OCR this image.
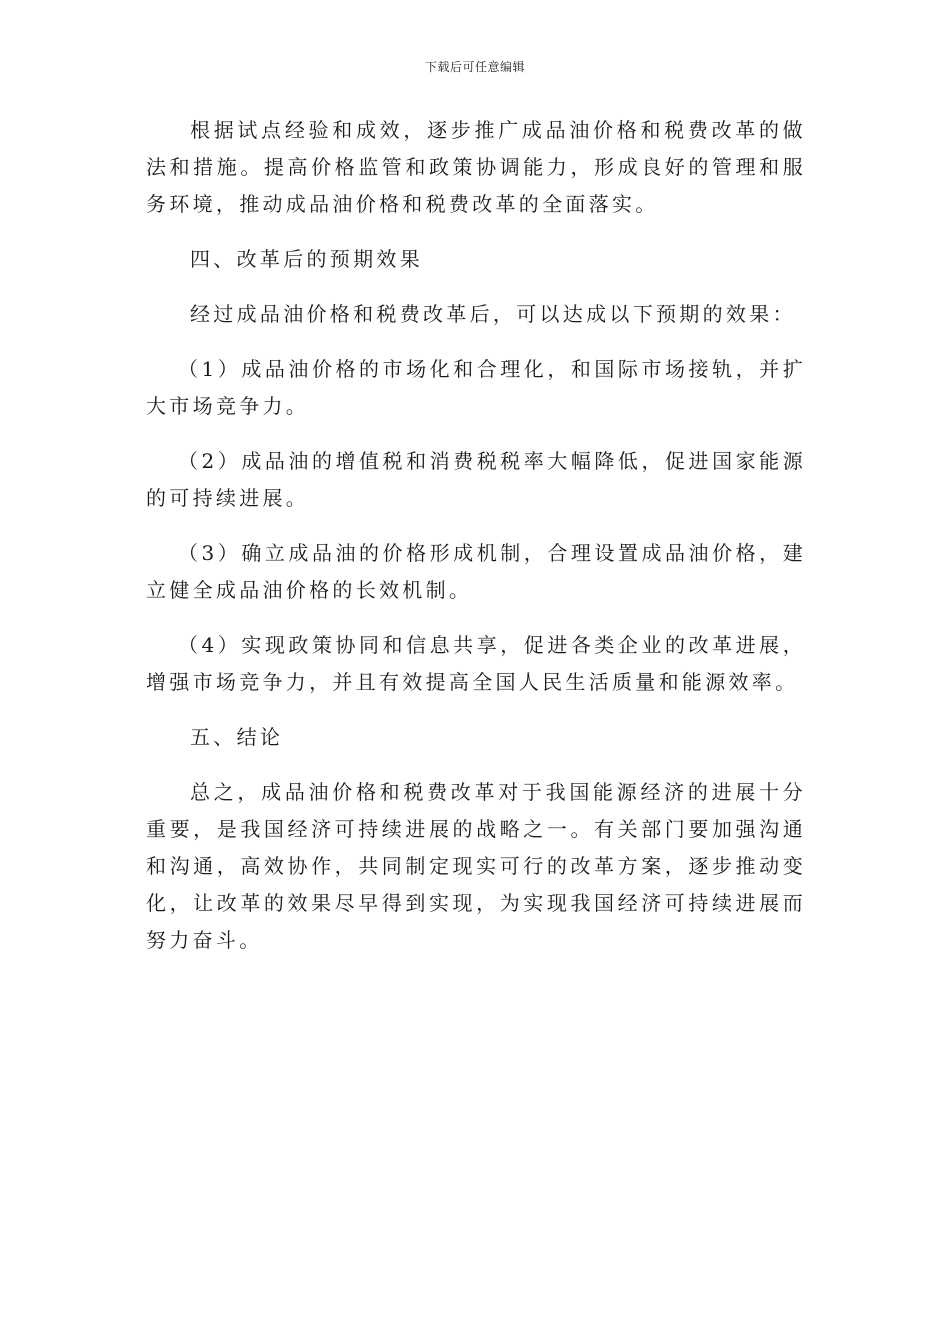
下载后可任意编辑

根据试点经验和成效，逐步推广成品油价格和税费改革的做法和措施。提高价格监管和政策协调能力，形成良好的管理和服务环境，推动成品油价格和税费改革的全面落实。

四、改革后的预期效果

经过成品油价格和税费改革后，可以达成以下预期的效果：

（1）成品油价格的市场化和合理化，和国际市场接轨，并扩大市场竞争力。

（2）成品油的增值税和消费税税率大幅降低，促进国家能源的可持续进展。

（3）确立成品油的价格形成机制，合理设置成品油价格，建立健全成品油价格的长效机制。

（4）实现政策协同和信息共享，促进各类企业的改革进展，增强市场竞争力，并且有效提高全国人民生活质量和能源效率。

五、结论

总之，成品油价格和税费改革对于我国能源经济的进展十分重要，是我国经济可持续进展的战略之一。有关部门要加强沟通和沟通，高效协作，共同制定现实可行的改革方案，逐步推动变化，让改革的效果尽早得到实现，为实现我国经济可持续进展而努力奋斗。
